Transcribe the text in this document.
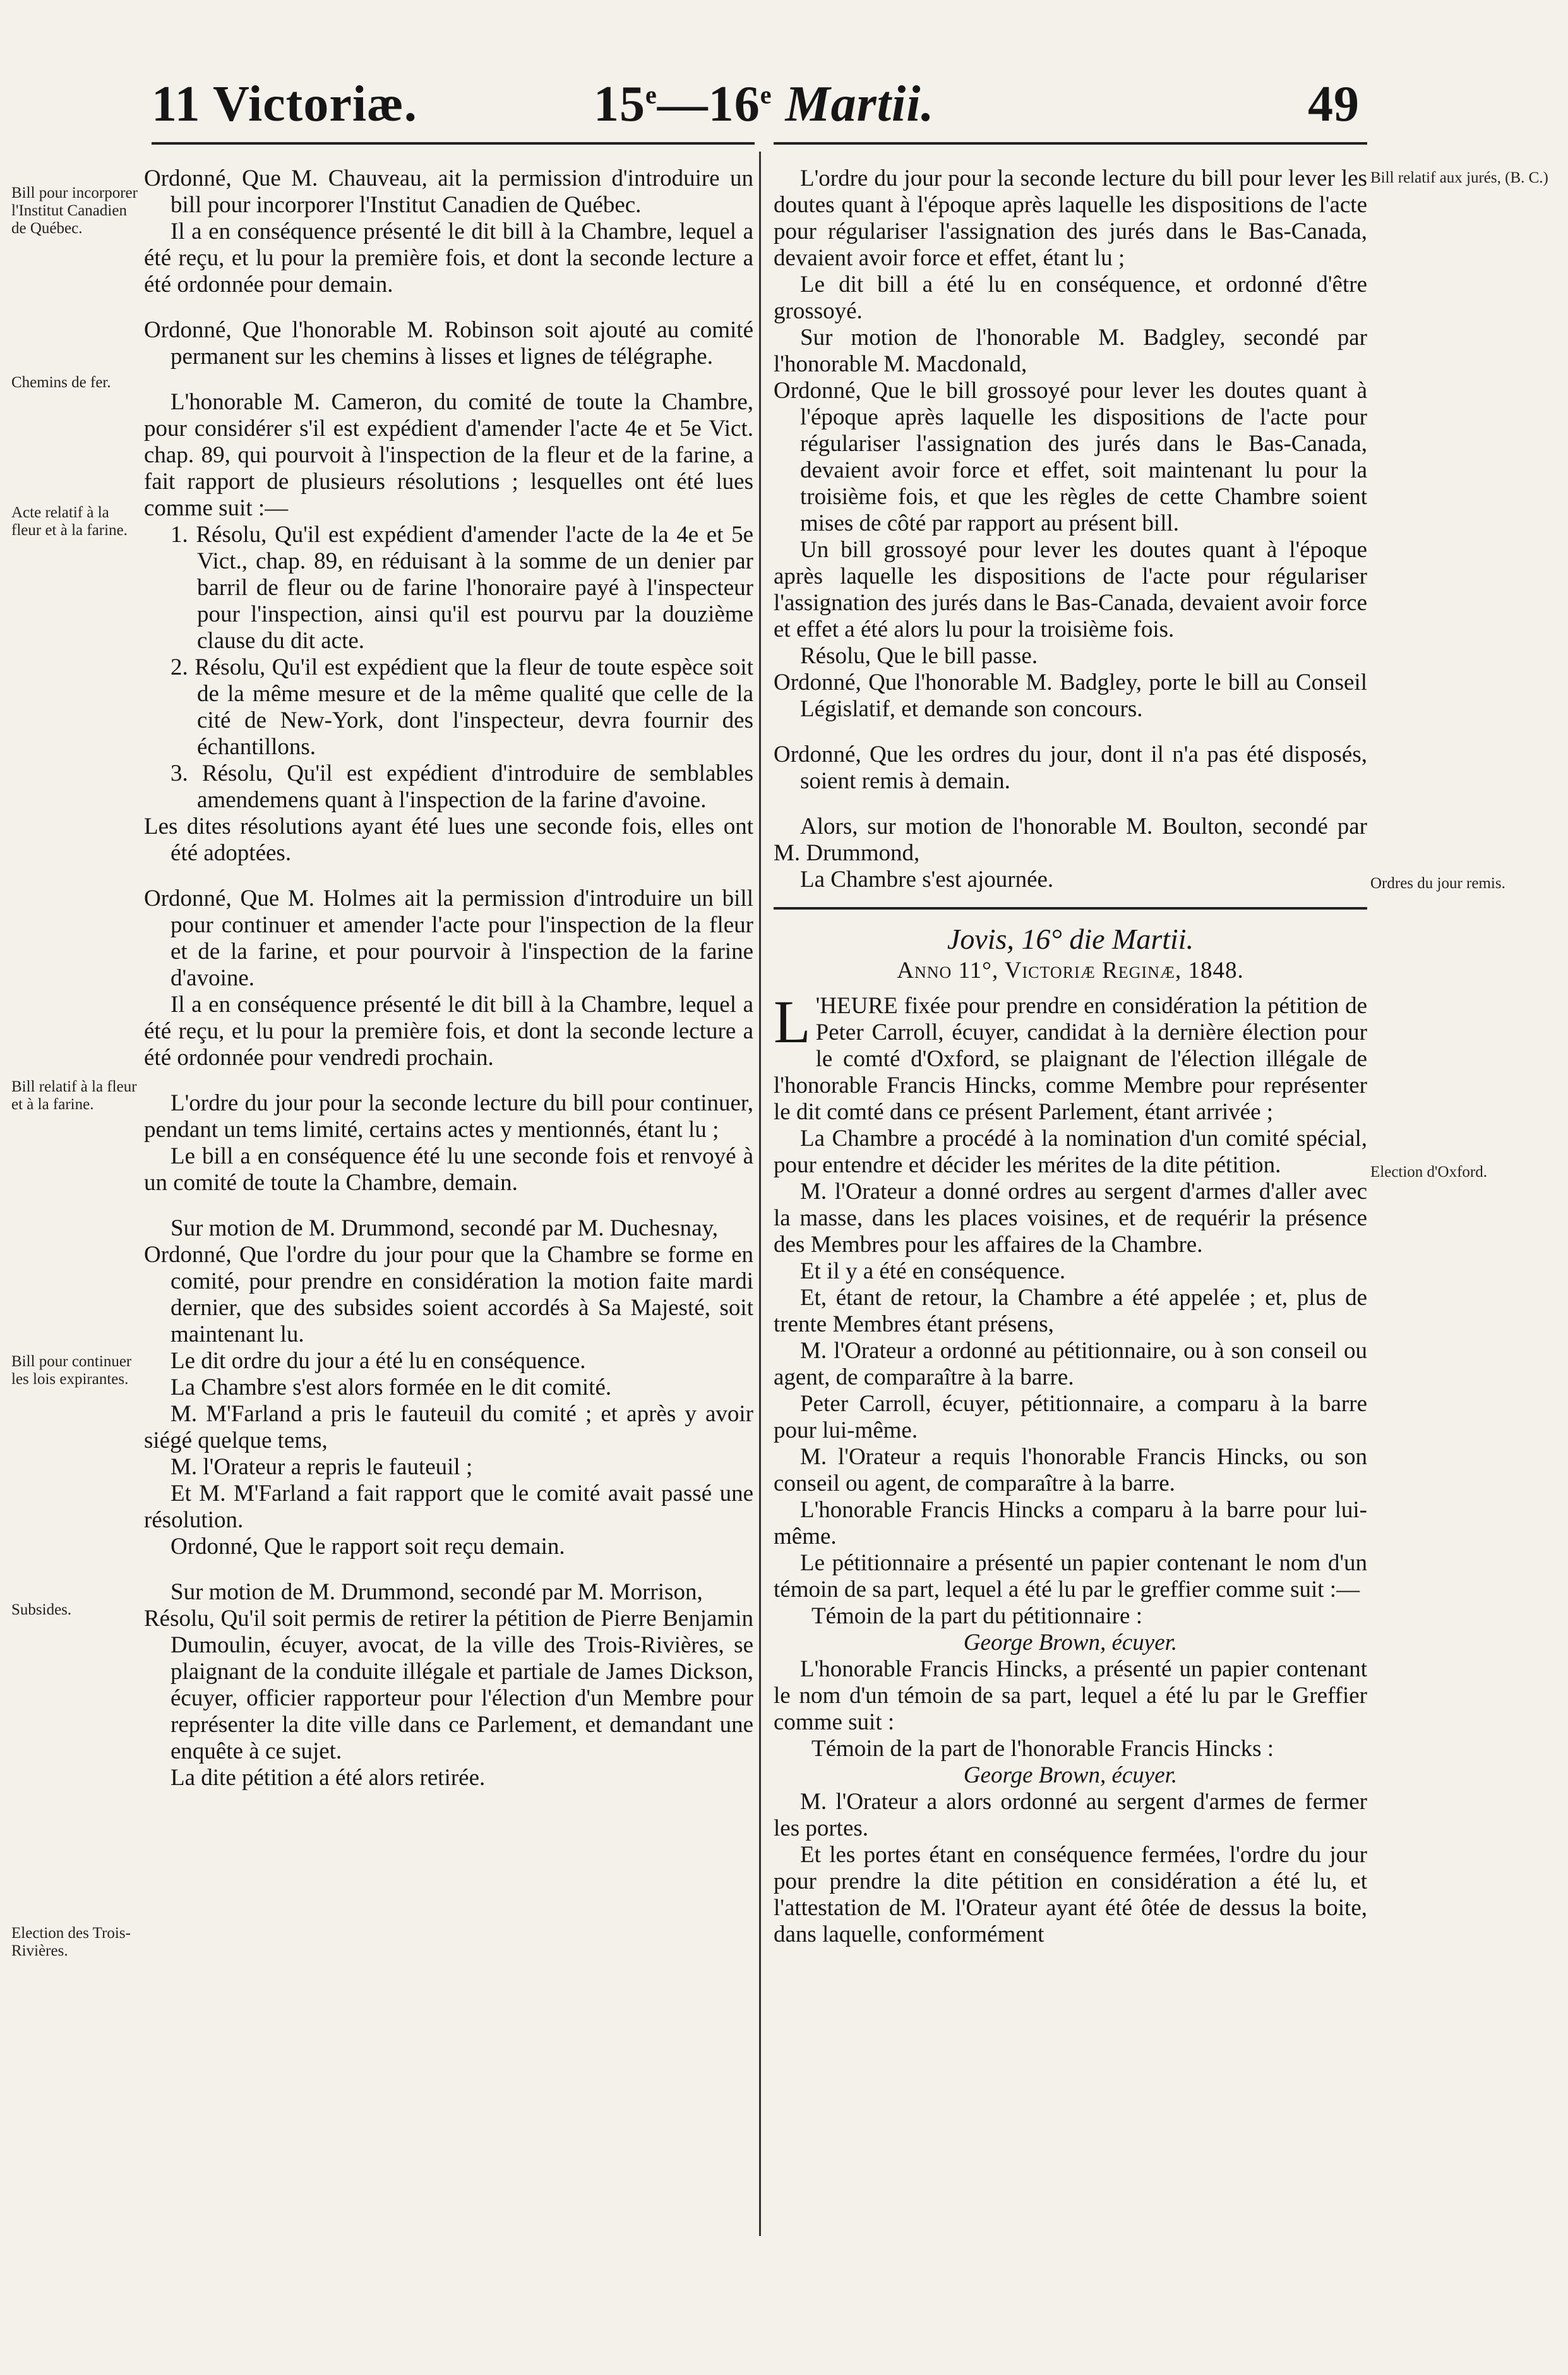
11 Victoriæ.	15e—16e Martii.	49
Bill pour incorporer l'Institut Canadien de Québec.
Chemins de fer.
Acte relatif à la fleur et à la farine.
Bill relatif à la fleur et à la farine.
Bill pour continuer les lois expirantes.
Subsides.
Election des Trois-Rivières.
Bill relatif aux jurés, (B. C.)
Ordres du jour remis.
Election d'Oxford.

Ordonné, Que M. Chauveau, ait la permission d'introduire un bill pour incorporer l'Institut Canadien de Québec.

Il a en conséquence présenté le dit bill à la Chambre, lequel a été reçu, et lu pour la première fois, et dont la seconde lecture a été ordonnée pour demain.

Ordonné, Que l'honorable M. Robinson soit ajouté au comité permanent sur les chemins à lisses et lignes de télégraphe.

L'honorable M. Cameron, du comité de toute la Chambre, pour considérer s'il est expédient d'amender l'acte 4e et 5e Vict. chap. 89, qui pourvoit à l'inspection de la fleur et de la farine, a fait rapport de plusieurs résolutions ; lesquelles ont été lues comme suit :—

1. Résolu, Qu'il est expédient d'amender l'acte de la 4e et 5e Vict., chap. 89, en réduisant à la somme de un denier par barril de fleur ou de farine l'honoraire payé à l'inspecteur pour l'inspection, ainsi qu'il est pourvu par la douzième clause du dit acte.

2. Résolu, Qu'il est expédient que la fleur de toute espèce soit de la même mesure et de la même qualité que celle de la cité de New-York, dont l'inspecteur, devra fournir des échantillons.

3. Résolu, Qu'il est expédient d'introduire de semblables amendemens quant à l'inspection de la farine d'avoine.

Les dites résolutions ayant été lues une seconde fois, elles ont été adoptées.

Ordonné, Que M. Holmes ait la permission d'introduire un bill pour continuer et amender l'acte pour l'inspection de la fleur et de la farine, et pour pourvoir à l'inspection de la farine d'avoine.

Il a en conséquence présenté le dit bill à la Chambre, lequel a été reçu, et lu pour la première fois, et dont la seconde lecture a été ordonnée pour vendredi prochain.

L'ordre du jour pour la seconde lecture du bill pour continuer, pendant un tems limité, certains actes y mentionnés, étant lu ;

Le bill a en conséquence été lu une seconde fois et renvoyé à un comité de toute la Chambre, demain.

Sur motion de M. Drummond, secondé par M. Duchesnay,

Ordonné, Que l'ordre du jour pour que la Chambre se forme en comité, pour prendre en considération la motion faite mardi dernier, que des subsides soient accordés à Sa Majesté, soit maintenant lu.

Le dit ordre du jour a été lu en conséquence.

La Chambre s'est alors formée en le dit comité.

M. M'Farland a pris le fauteuil du comité ; et après y avoir siégé quelque tems,

M. l'Orateur a repris le fauteuil ;

Et M. M'Farland a fait rapport que le comité avait passé une résolution.

Ordonné, Que le rapport soit reçu demain.

Sur motion de M. Drummond, secondé par M. Morrison,

Résolu, Qu'il soit permis de retirer la pétition de Pierre Benjamin Dumoulin, écuyer, avocat, de la ville des Trois-Rivières, se plaignant de la conduite illégale et partiale de James Dickson, écuyer, officier rapporteur pour l'élection d'un Membre pour représenter la dite ville dans ce Parlement, et demandant une enquête à ce sujet.

La dite pétition a été alors retirée.

L'ordre du jour pour la seconde lecture du bill pour lever les doutes quant à l'époque après laquelle les dispositions de l'acte pour régulariser l'assignation des jurés dans le Bas-Canada, devaient avoir force et effet, étant lu ;

Le dit bill a été lu en conséquence, et ordonné d'être grossoyé.

Sur motion de l'honorable M. Badgley, secondé par l'honorable M. Macdonald,

Ordonné, Que le bill grossoyé pour lever les doutes quant à l'époque après laquelle les dispositions de l'acte pour régulariser l'assignation des jurés dans le Bas-Canada, devaient avoir force et effet, soit maintenant lu pour la troisième fois, et que les règles de cette Chambre soient mises de côté par rapport au présent bill.

Un bill grossoyé pour lever les doutes quant à l'époque après laquelle les dispositions de l'acte pour régulariser l'assignation des jurés dans le Bas-Canada, devaient avoir force et effet a été alors lu pour la troisième fois.

Résolu, Que le bill passe.

Ordonné, Que l'honorable M. Badgley, porte le bill au Conseil Législatif, et demande son concours.

Ordonné, Que les ordres du jour, dont il n'a pas été disposés, soient remis à demain.

Alors, sur motion de l'honorable M. Boulton, secondé par M. Drummond,

La Chambre s'est ajournée.

Jovis, 16° die Martii.

Anno 11°, Victoriæ Reginæ, 1848.

L 'HEURE fixée pour prendre en considération la pétition de Peter Carroll, écuyer, candidat à la dernière élection pour le comté d'Oxford, se plaignant de l'élection illégale de l'honorable Francis Hincks, comme Membre pour représenter le dit comté dans ce présent Parlement, étant arrivée ;

La Chambre a procédé à la nomination d'un comité spécial, pour entendre et décider les mérites de la dite pétition.

M. l'Orateur a donné ordres au sergent d'armes d'aller avec la masse, dans les places voisines, et de requérir la présence des Membres pour les affaires de la Chambre.

Et il y a été en conséquence.

Et, étant de retour, la Chambre a été appelée ; et, plus de trente Membres étant présens,

M. l'Orateur a ordonné au pétitionnaire, ou à son conseil ou agent, de comparaître à la barre.

Peter Carroll, écuyer, pétitionnaire, a comparu à la barre pour lui-même.

M. l'Orateur a requis l'honorable Francis Hincks, ou son conseil ou agent, de comparaître à la barre.

L'honorable Francis Hincks a comparu à la barre pour lui-même.

Le pétitionnaire a présenté un papier contenant le nom d'un témoin de sa part, lequel a été lu par le greffier comme suit :—

Témoin de la part du pétitionnaire :

George Brown, écuyer.

L'honorable Francis Hincks, a présenté un papier contenant le nom d'un témoin de sa part, lequel a été lu par le Greffier comme suit :

Témoin de la part de l'honorable Francis Hincks :

George Brown, écuyer.

M. l'Orateur a alors ordonné au sergent d'armes de fermer les portes.

Et les portes étant en conséquence fermées, l'ordre du jour pour prendre la dite pétition en considération a été lu, et l'attestation de M. l'Orateur ayant été ôtée de dessus la boite, dans laquelle, conformément
